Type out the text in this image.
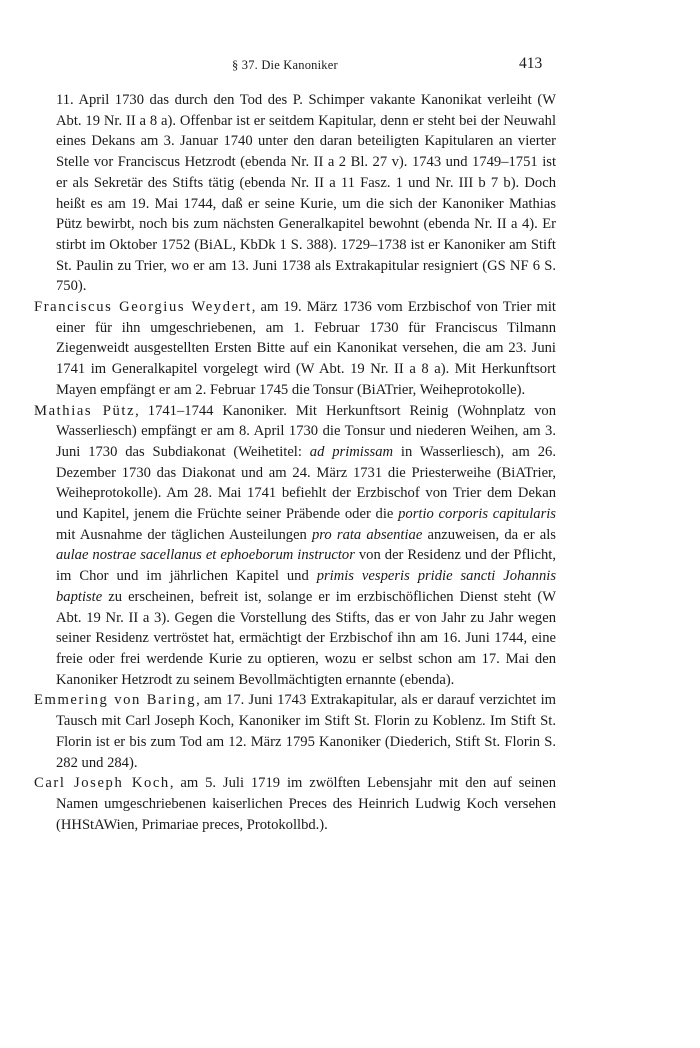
§ 37. Die Kanoniker	413

11. April 1730 das durch den Tod des P. Schimper vakante Kanonikat verleiht (W Abt. 19 Nr. II a 8 a). Offenbar ist er seitdem Kapitular, denn er steht bei der Neuwahl eines Dekans am 3. Januar 1740 unter den daran beteiligten Kapitularen an vierter Stelle vor Franciscus Hetzrodt (ebenda Nr. II a 2 Bl. 27 v). 1743 und 1749–1751 ist er als Sekretär des Stifts tätig (ebenda Nr. II a 11 Fasz. 1 und Nr. III b 7 b). Doch heißt es am 19. Mai 1744, daß er seine Kurie, um die sich der Kanoniker Mathias Pütz bewirbt, noch bis zum nächsten Generalkapitel bewohnt (ebenda Nr. II a 4). Er stirbt im Oktober 1752 (BiAL, KbDk 1 S. 388). 1729–1738 ist er Kanoniker am Stift St. Paulin zu Trier, wo er am 13. Juni 1738 als Extrakapitular resigniert (GS NF 6 S. 750).

Franciscus Georgius Weydert, am 19. März 1736 vom Erzbischof von Trier mit einer für ihn umgeschriebenen, am 1. Februar 1730 für Franciscus Tilmann Ziegenweidt ausgestellten Ersten Bitte auf ein Kanonikat versehen, die am 23. Juni 1741 im Generalkapitel vorgelegt wird (W Abt. 19 Nr. II a 8 a). Mit Herkunftsort Mayen empfängt er am 2. Februar 1745 die Tonsur (BiATrier, Weiheprotokolle).

Mathias Pütz, 1741–1744 Kanoniker. Mit Herkunftsort Reinig (Wohnplatz von Wasserliesch) empfängt er am 8. April 1730 die Tonsur und niederen Weihen, am 3. Juni 1730 das Subdiakonat (Weihetitel: ad primissam in Wasserliesch), am 26. Dezember 1730 das Diakonat und am 24. März 1731 die Priesterweihe (BiATrier, Weiheprotokolle). Am 28. Mai 1741 befiehlt der Erzbischof von Trier dem Dekan und Kapitel, jenem die Früchte seiner Präbende oder die portio corporis capitularis mit Ausnahme der täglichen Austeilungen pro rata absentiae anzuweisen, da er als aulae nostrae sacellanus et ephoeborum instructor von der Residenz und der Pflicht, im Chor und im jährlichen Kapitel und primis vesperis pridie sancti Johannis baptiste zu erscheinen, befreit ist, solange er im erzbischöflichen Dienst steht (W Abt. 19 Nr. II a 3). Gegen die Vorstellung des Stifts, das er von Jahr zu Jahr wegen seiner Residenz vertröstet hat, ermächtigt der Erzbischof ihn am 16. Juni 1744, eine freie oder frei werdende Kurie zu optieren, wozu er selbst schon am 17. Mai den Kanoniker Hetzrodt zu seinem Bevollmächtigten ernannte (ebenda).

Emmering von Baring, am 17. Juni 1743 Extrakapitular, als er darauf verzichtet im Tausch mit Carl Joseph Koch, Kanoniker im Stift St. Florin zu Koblenz. Im Stift St. Florin ist er bis zum Tod am 12. März 1795 Kanoniker (Diederich, Stift St. Florin S. 282 und 284).

Carl Joseph Koch, am 5. Juli 1719 im zwölften Lebensjahr mit den auf seinen Namen umgeschriebenen kaiserlichen Preces des Heinrich Ludwig Koch versehen (HHStAWien, Primariae preces, Protokollbd.).
